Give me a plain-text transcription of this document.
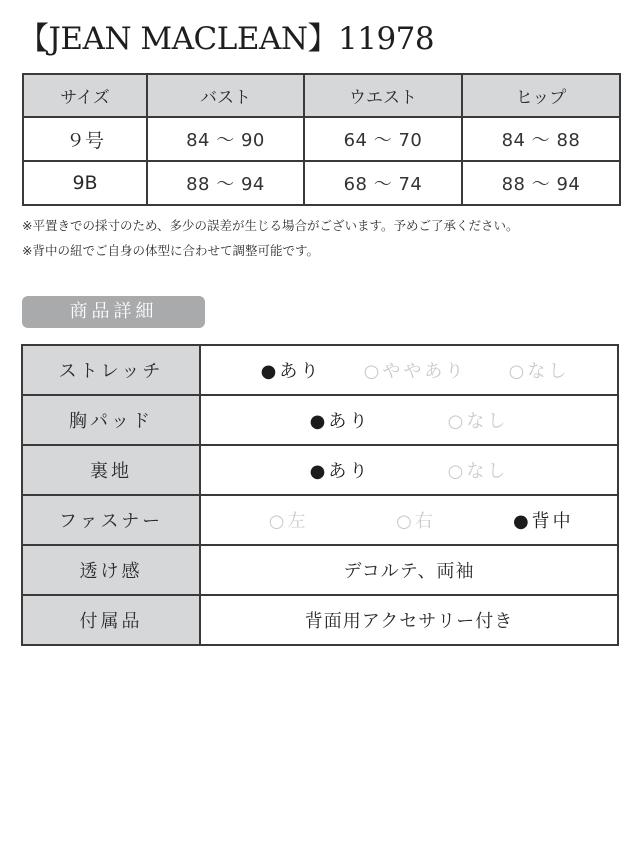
【JEAN MACLEAN】11978
サイズ	バスト	ウエスト	ヒップ
９号	84 ～ 90	64 ～ 70	84 ～ 88
9B	88 ～ 94	68 ～ 74	88 ～ 94
※平置きでの採寸のため、多少の誤差が生じる場合がございます。予めご了承ください。
※背中の紐でご自身の体型に合わせて調整可能です。
商品詳細
ストレッチ	●あり ○ややあり ○なし

胸パッド	●あり ○なし

裏地	●あり ○なし

ファスナー	○左 ○右 ●背中

透け感	デコルテ、両袖
付属品	背面用アクセサリー付き
